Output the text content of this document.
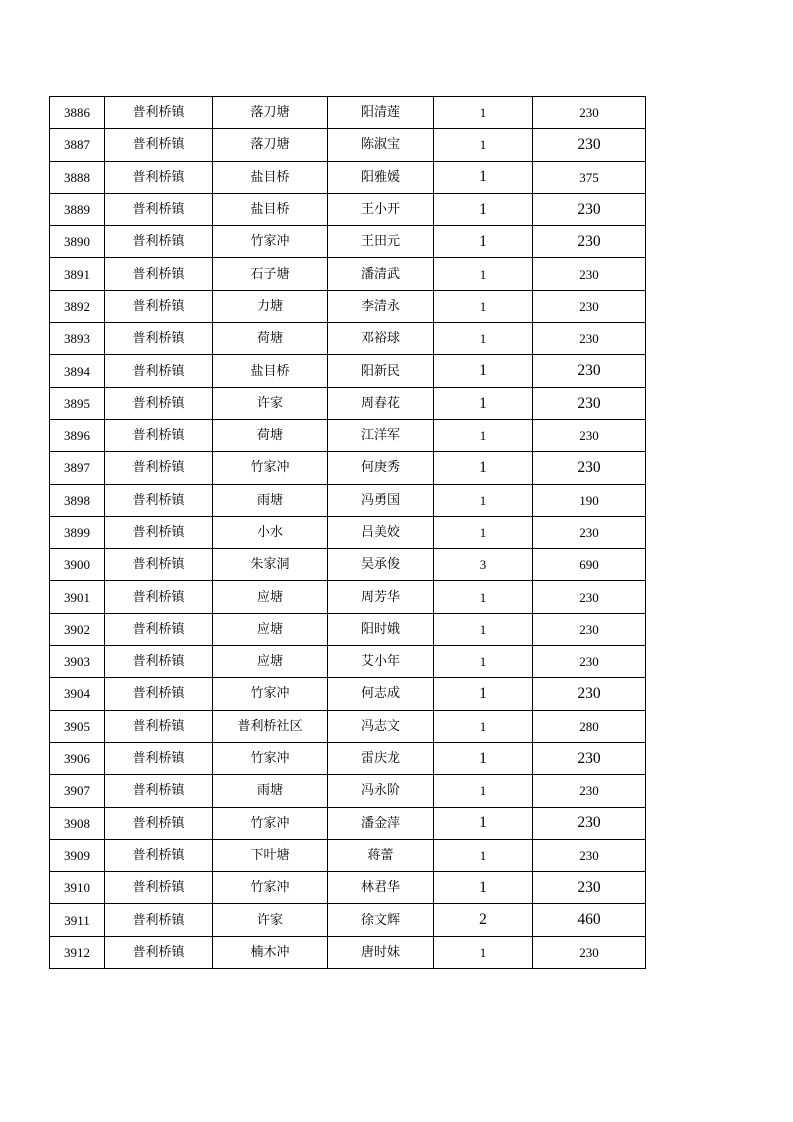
3886	普利桥镇	落刀塘	阳清莲	1	230
3887	普利桥镇	落刀塘	陈淑宝	1	230
3888	普利桥镇	盐目桥	阳雅媛	1	375
3889	普利桥镇	盐目桥	王小开	1	230
3890	普利桥镇	竹家冲	王田元	1	230
3891	普利桥镇	石子塘	潘清武	1	230
3892	普利桥镇	力塘	李清永	1	230
3893	普利桥镇	荷塘	邓裕球	1	230
3894	普利桥镇	盐目桥	阳新民	1	230
3895	普利桥镇	许家	周春花	1	230
3896	普利桥镇	荷塘	江洋军	1	230
3897	普利桥镇	竹家冲	何庚秀	1	230
3898	普利桥镇	雨塘	冯勇国	1	190
3899	普利桥镇	小水	吕美姣	1	230
3900	普利桥镇	朱家洞	吴承俊	3	690
3901	普利桥镇	应塘	周芳华	1	230
3902	普利桥镇	应塘	阳时娥	1	230
3903	普利桥镇	应塘	艾小年	1	230
3904	普利桥镇	竹家冲	何志成	1	230
3905	普利桥镇	普利桥社区	冯志文	1	280
3906	普利桥镇	竹家冲	雷庆龙	1	230
3907	普利桥镇	雨塘	冯永阶	1	230
3908	普利桥镇	竹家冲	潘金萍	1	230
3909	普利桥镇	下叶塘	蒋蕾	1	230
3910	普利桥镇	竹家冲	林君华	1	230
3911	普利桥镇	许家	徐文辉	2	460
3912	普利桥镇	楠木冲	唐时妹	1	230
